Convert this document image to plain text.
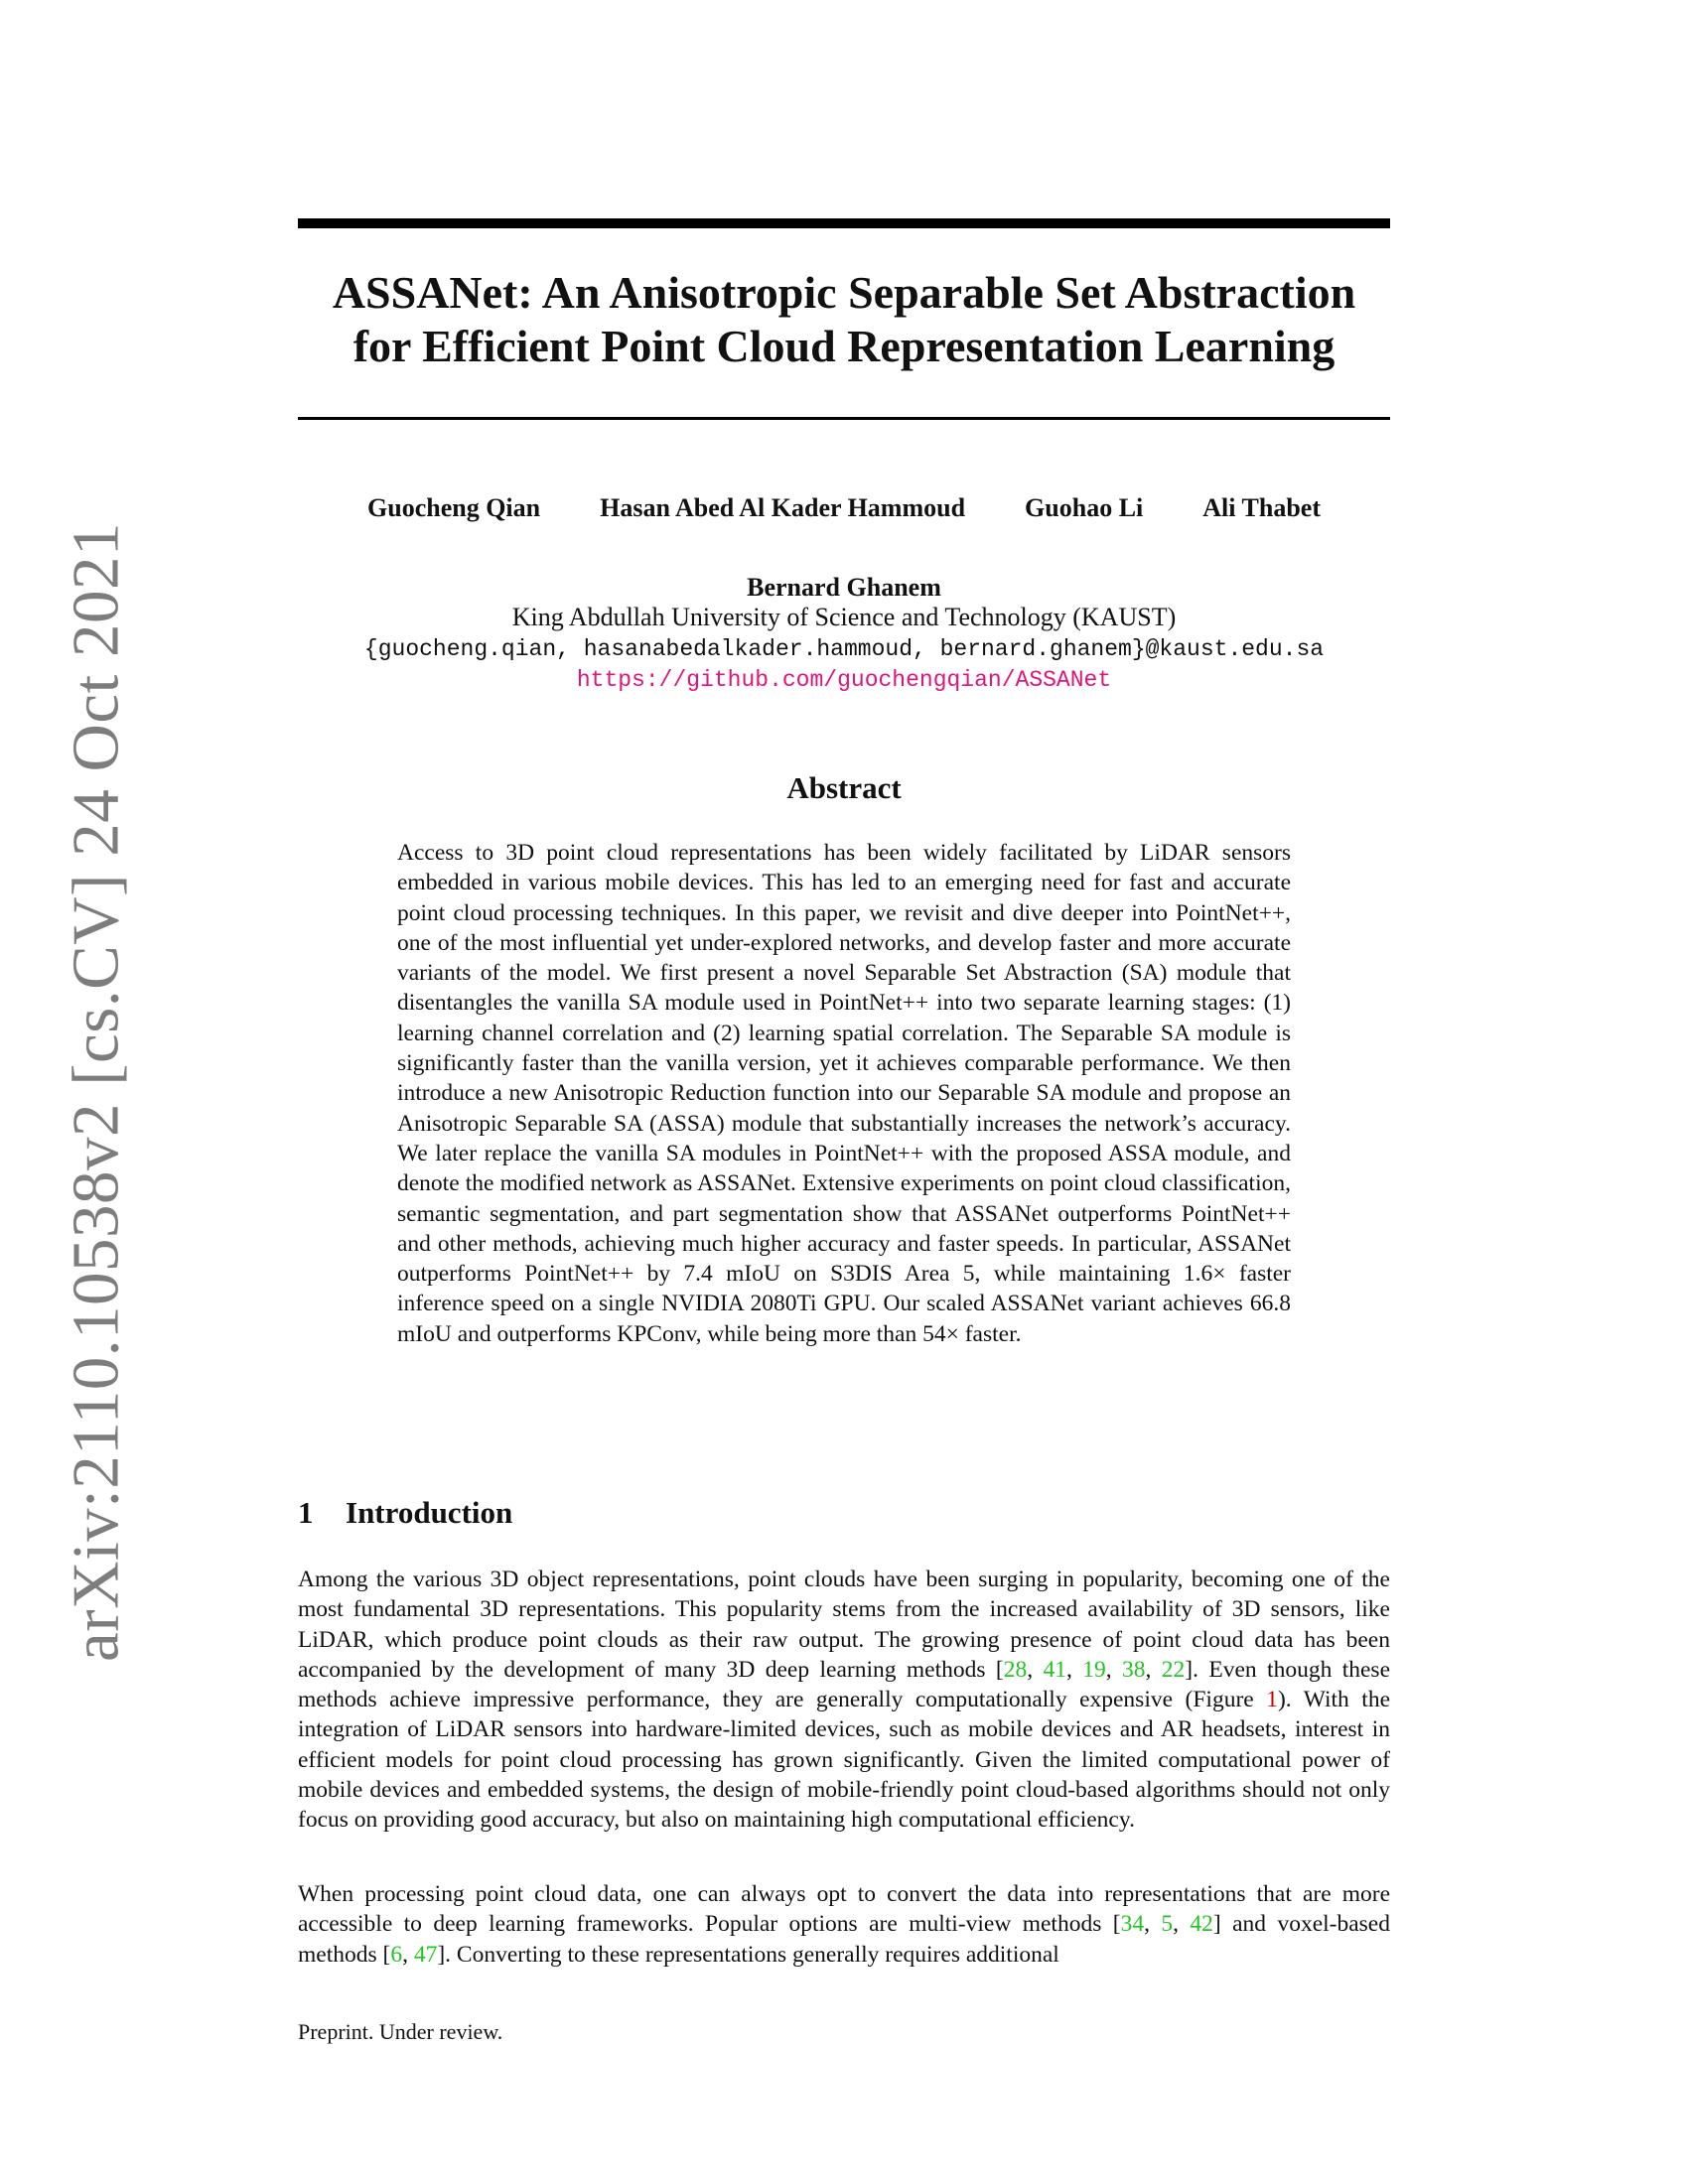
arXiv:2110.10538v2 [cs.CV] 24 Oct 2021
ASSANet: An Anisotropic Separable Set Abstraction
for Efficient Point Cloud Representation Learning
Guocheng Qian Hasan Abed Al Kader Hammoud Guohao Li Ali Thabet
Bernard Ghanem
King Abdullah University of Science and Technology (KAUST)
{guocheng.qian, hasanabedalkader.hammoud, bernard.ghanem}@kaust.edu.sa
https://github.com/guochengqian/ASSANet
Abstract
Access to 3D point cloud representations has been widely facilitated by LiDAR sensors embedded in various mobile devices. This has led to an emerging need for fast and accurate point cloud processing techniques. In this paper, we revisit and dive deeper into PointNet++, one of the most influential yet under-explored networks, and develop faster and more accurate variants of the model. We first present a novel Separable Set Abstraction (SA) module that disentangles the vanilla SA module used in PointNet++ into two separate learning stages: (1) learning channel correlation and (2) learning spatial correlation. The Separable SA module is significantly faster than the vanilla version, yet it achieves comparable performance. We then introduce a new Anisotropic Reduction function into our Separable SA module and propose an Anisotropic Separable SA (ASSA) module that substantially increases the network’s accuracy. We later replace the vanilla SA modules in PointNet++ with the proposed ASSA module, and denote the modified network as ASSANet. Extensive experiments on point cloud classification, semantic segmentation, and part segmentation show that ASSANet outperforms PointNet++ and other methods, achieving much higher accuracy and faster speeds. In particular, ASSANet outperforms PointNet++ by 7.4 mIoU on S3DIS Area 5, while maintaining 1.6× faster inference speed on a single NVIDIA 2080Ti GPU. Our scaled ASSANet variant achieves 66.8 mIoU and outperforms KPConv, while being more than 54× faster.
1 Introduction
Among the various 3D object representations, point clouds have been surging in popularity, becoming one of the most fundamental 3D representations. This popularity stems from the increased availability of 3D sensors, like LiDAR, which produce point clouds as their raw output. The growing presence of point cloud data has been accompanied by the development of many 3D deep learning methods [28, 41, 19, 38, 22]. Even though these methods achieve impressive performance, they are generally computationally expensive (Figure 1). With the integration of LiDAR sensors into hardware-limited devices, such as mobile devices and AR headsets, interest in efficient models for point cloud processing has grown significantly. Given the limited computational power of mobile devices and embedded systems, the design of mobile-friendly point cloud-based algorithms should not only focus on providing good accuracy, but also on maintaining high computational efficiency.
When processing point cloud data, one can always opt to convert the data into representations that are more accessible to deep learning frameworks. Popular options are multi-view methods [34, 5, 42] and voxel-based methods [6, 47]. Converting to these representations generally requires additional
Preprint. Under review.
